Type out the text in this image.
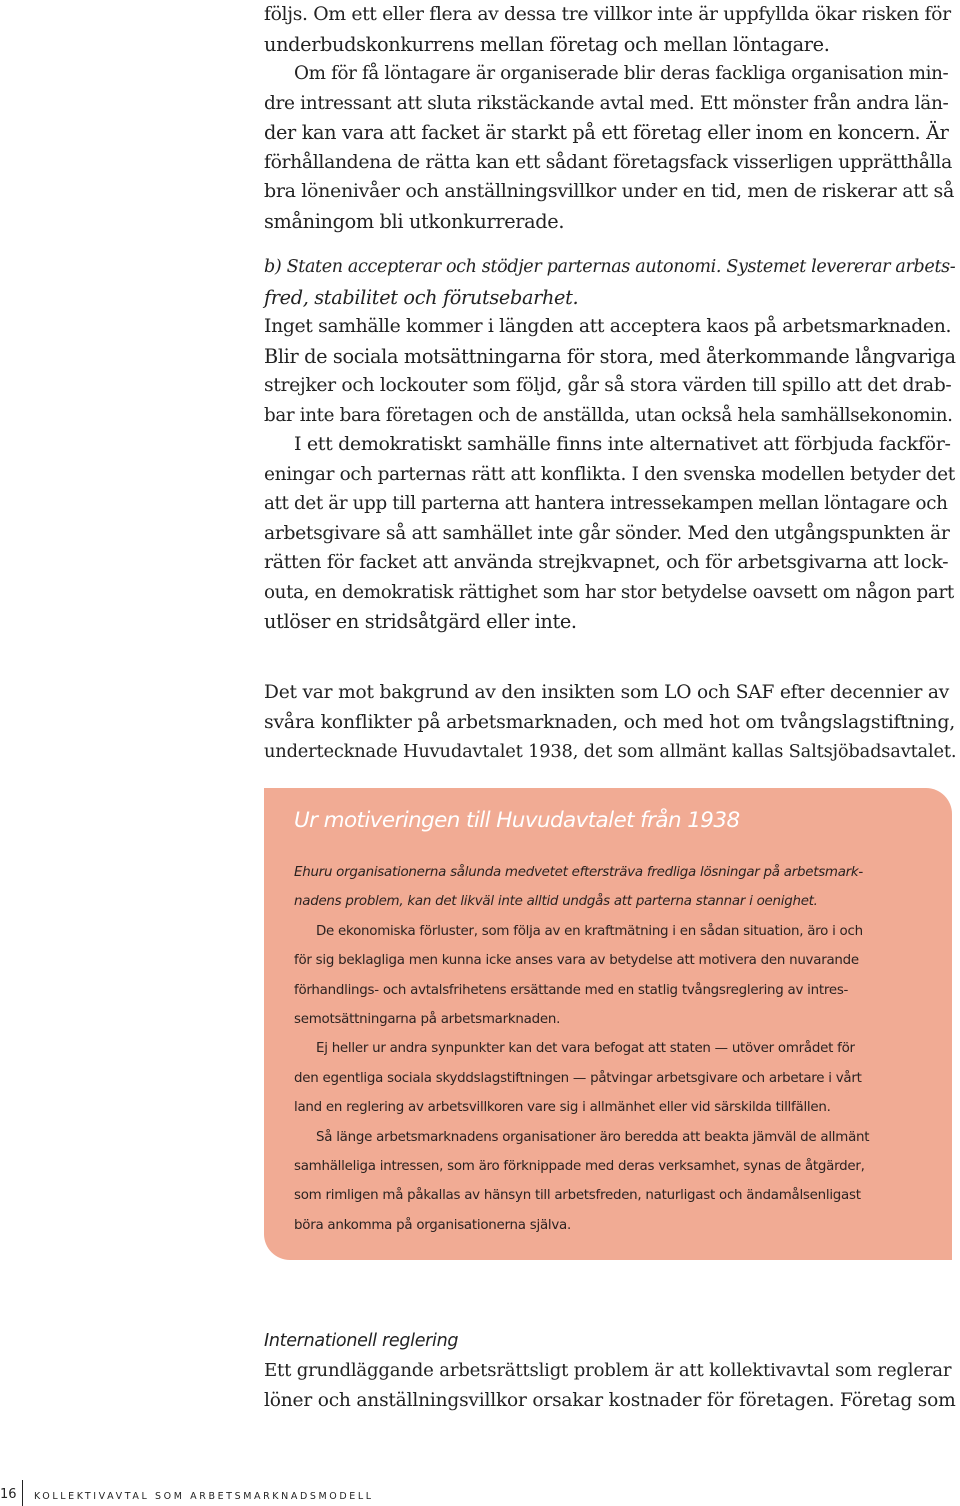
följs. Om ett eller flera av dessa tre villkor inte är uppfyllda ökar risken för
underbudskonkurrens mellan företag och mellan löntagare.
Om för få löntagare är organiserade blir deras fackliga organisation min-
dre intressant att sluta rikstäckande avtal med. Ett mönster från andra län-
der kan vara att facket är starkt på ett företag eller inom en koncern. Är
förhållandena de rätta kan ett sådant företagsfack visserligen upprätthålla
bra lönenivåer och anställningsvillkor under en tid, men de riskerar att så
småningom bli utkonkurrerade.
b) Staten accepterar och stödjer parternas autonomi. Systemet levererar arbets-
fred, stabilitet och förutsebarhet.
Inget samhälle kommer i längden att acceptera kaos på arbetsmarknaden.
Blir de sociala motsättningarna för stora, med återkommande långvariga
strejker och lockouter som följd, går så stora värden till spillo att det drab-
bar inte bara företagen och de anställda, utan också hela samhällsekonomin.
I ett demokratiskt samhälle finns inte alternativet att förbjuda fackför-
eningar och parternas rätt att konflikta. I den svenska modellen betyder det
att det är upp till parterna att hantera intressekampen mellan löntagare och
arbetsgivare så att samhället inte går sönder. Med den utgångspunkten är
rätten för facket att använda strejkvapnet, och för arbetsgivarna att lock-
outa, en demokratisk rättighet som har stor betydelse oavsett om någon part
utlöser en stridsåtgärd eller inte.
Det var mot bakgrund av den insikten som LO och SAF efter decennier av
svåra konflikter på arbetsmarknaden, och med hot om tvångslagstiftning,
undertecknade Huvudavtalet 1938, det som allmänt kallas Saltsjöbadsavtalet.
Ur motiveringen till Huvudavtalet från 1938
Ehuru organisationerna sålunda medvetet eftersträva fredliga lösningar på arbetsmark-
nadens problem, kan det likväl inte alltid undgås att parterna stannar i oenighet.
De ekonomiska förluster, som följa av en kraftmätning i en sådan situation, äro i och
för sig beklagliga men kunna icke anses vara av betydelse att motivera den nuvarande
förhandlings- och avtalsfrihetens ersättande med en statlig tvångsreglering av intres-
semotsättningarna på arbetsmarknaden.
Ej heller ur andra synpunkter kan det vara befogat att staten — utöver området för
den egentliga sociala skyddslagstiftningen — påtvingar arbetsgivare och arbetare i vårt
land en reglering av arbetsvillkoren vare sig i allmänhet eller vid särskilda tillfällen.
Så länge arbetsmarknadens organisationer äro beredda att beakta jämväl de allmänt
samhälleliga intressen, som äro förknippade med deras verksamhet, synas de åtgärder,
som rimligen må påkallas av hänsyn till arbetsfreden, naturligast och ändamålsenligast
böra ankomma på organisationerna själva.
Internationell reglering
Ett grundläggande arbetsrättsligt problem är att kollektivavtal som reglerar
löner och anställningsvillkor orsakar kostnader för företagen. Företag som
16 KOLLEKTIVAVTAL SOM ARBETSMARKNADSMODELL
